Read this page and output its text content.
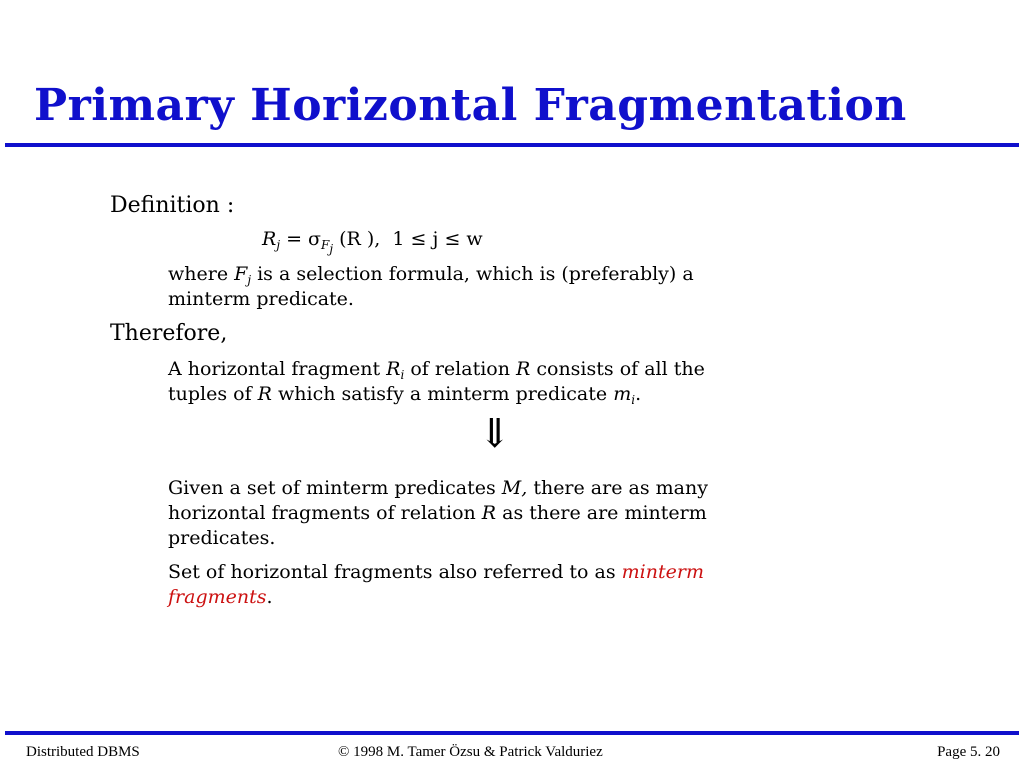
Primary Horizontal Fragmentation
Definition :
$R_j = \sigma_{F_j}$ (R ), 1 ≤ j ≤ w
where $F_j$ is a selection formula, which is (preferably) a
minterm predicate.
Therefore,
A horizontal fragment $R_i$ of relation R consists of all the
tuples of R which satisfy a minterm predicate $m_i$.
⇓
Given a set of minterm predicates M, there are as many
horizontal fragments of relation R as there are minterm
predicates.
Set of horizontal fragments also referred to as minterm
fragments.
Distributed DBMS	© 1998 M. Tamer Özsu & Patrick Valduriez	Page 5. 20
